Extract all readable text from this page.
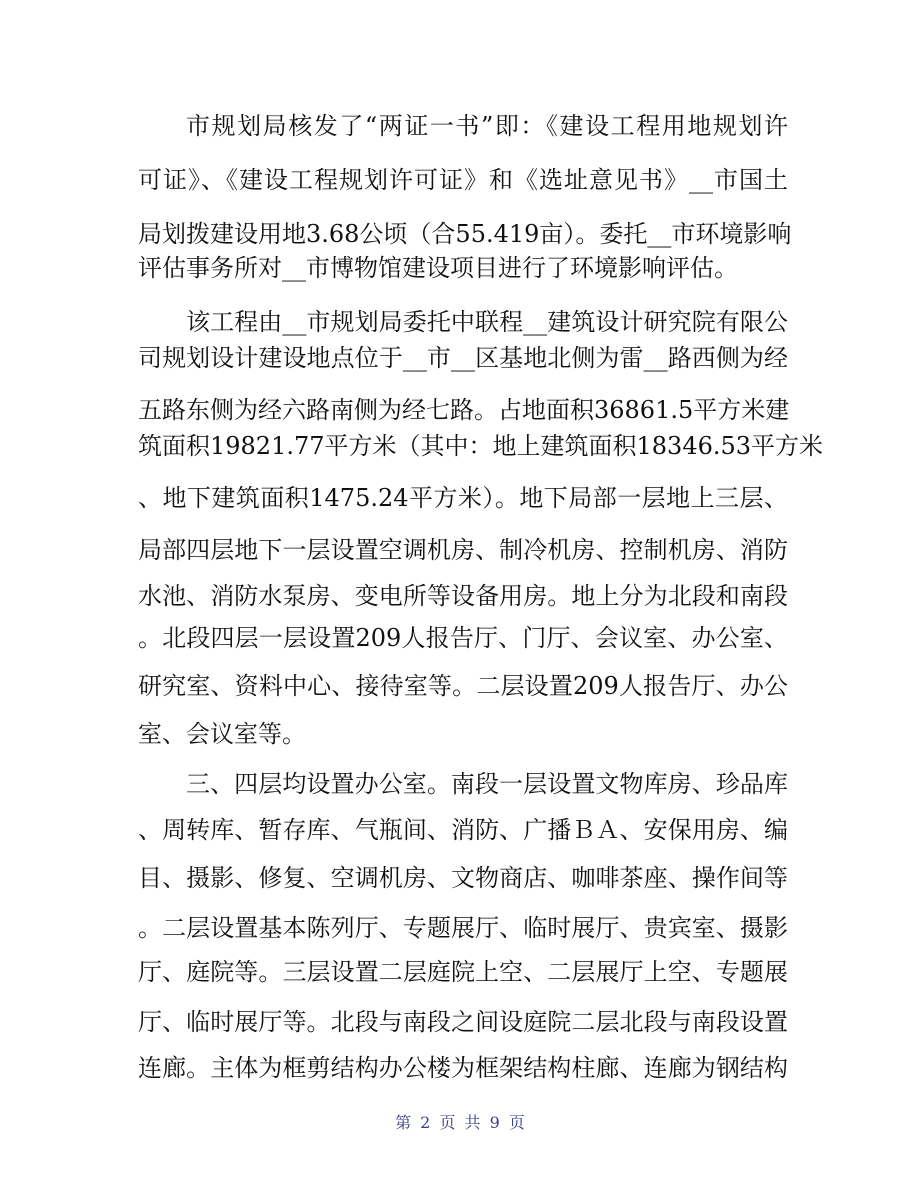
市规划局核发了“两证一书”即：《建设工程用地规划许
可证》、《建设工程规划许可证》和《选址意见书》__市国土
局划拨建设用地3.68公顷（合55.419亩）。委托__市环境影响
评估事务所对__市博物馆建设项目进行了环境影响评估。
该工程由__市规划局委托中联程__建筑设计研究院有限公
司规划设计建设地点位于__市__区基地北侧为雷__路西侧为经
五路东侧为经六路南侧为经七路。占地面积36861.5平方米建
筑面积19821.77平方米（其中：地上建筑面积18346.53平方米
、地下建筑面积1475.24平方米）。地下局部一层地上三层、
局部四层地下一层设置空调机房、制冷机房、控制机房、消防
水池、消防水泵房、变电所等设备用房。地上分为北段和南段
。北段四层一层设置209人报告厅、门厅、会议室、办公室、
研究室、资料中心、接待室等。二层设置209人报告厅、办公
室、会议室等。
三、四层均设置办公室。南段一层设置文物库房、珍品库
、周转库、暂存库、气瓶间、消防、广播ＢＡ、安保用房、编
目、摄影、修复、空调机房、文物商店、咖啡茶座、操作间等
。二层设置基本陈列厅、专题展厅、临时展厅、贵宾室、摄影
厅、庭院等。三层设置二层庭院上空、二层展厅上空、专题展
厅、临时展厅等。北段与南段之间设庭院二层北段与南段设置
连廊。主体为框剪结构办公楼为框架结构柱廊、连廊为钢结构
第 2 页 共 9 页
